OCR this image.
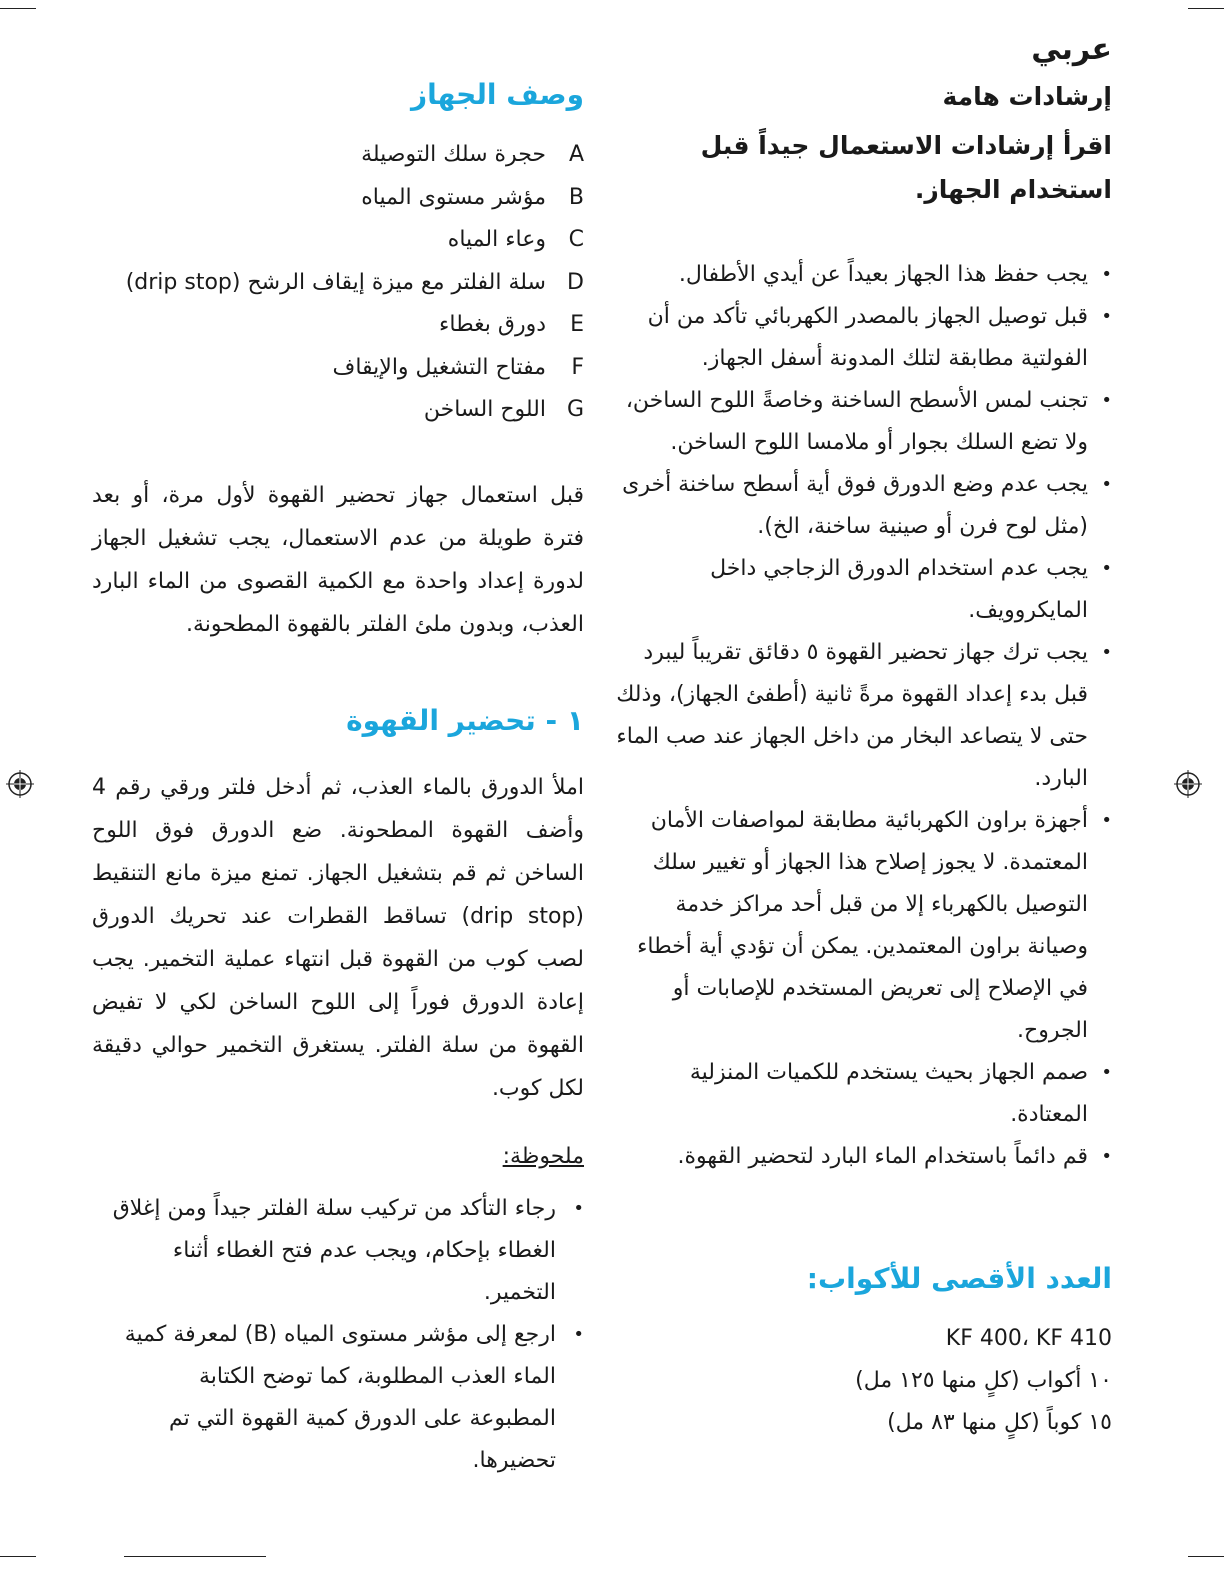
عربي
إرشادات هامة

اقرأ إرشادات الاستعمال جيداً قبل استخدام الجهاز.

•
يجب حفظ هذا الجهاز بعيداً عن أيدي الأطفال.
•
قبل توصيل الجهاز بالمصدر الكهربائي تأكد من أن الفولتية مطابقة لتلك المدونة أسفل الجهاز.
•
تجنب لمس الأسطح الساخنة وخاصةً اللوح الساخن، ولا تضع السلك بجوار أو ملامسا اللوح الساخن.
•
يجب عدم وضع الدورق فوق أية أسطح ساخنة أخرى (مثل لوح فرن أو صينية ساخنة، الخ).
•
يجب عدم استخدام الدورق الزجاجي داخل المايكروويف.
•
يجب ترك جهاز تحضير القهوة ٥ دقائق تقريباً ليبرد قبل بدء إعداد القهوة مرةً ثانية (أطفئ الجهاز)، وذلك حتى لا يتصاعد البخار من داخل الجهاز عند صب الماء البارد.
•
أجهزة براون الكهربائية مطابقة لمواصفات الأمان المعتمدة. لا يجوز إصلاح هذا الجهاز أو تغيير سلك التوصيل بالكهرباء إلا من قبل أحد مراكز خدمة وصيانة براون المعتمدين. يمكن أن تؤدي أية أخطاء في الإصلاح إلى تعريض المستخدم للإصابات أو الجروح.
•
صمم الجهاز بحيث يستخدم للكميات المنزلية المعتادة.
•
قم دائماً باستخدام الماء البارد لتحضير القهوة.
العدد الأقصى للأكواب:
KF 400، KF 410
١٠ أكواب (كلٍ منها ١٢٥ مل)
١٥ كوباً (كلٍ منها ٨٣ مل)
وصف الجهاز
A
حجرة سلك التوصيلة
B
مؤشر مستوى المياه
C
وعاء المياه
D
سلة الفلتر مع ميزة إيقاف الرشح (drip stop)
E
دورق بغطاء
F
مفتاح التشغيل والإيقاف
G
اللوح الساخن

قبل استعمال جهاز تحضير القهوة لأول مرة، أو بعد فترة طويلة من عدم الاستعمال، يجب تشغيل الجهاز لدورة إعداد واحدة مع الكمية القصوى من الماء البارد العذب، وبدون ملئ الفلتر بالقهوة المطحونة.

١ - تحضير القهوة

املأ الدورق بالماء العذب، ثم أدخل فلتر ورقي رقم 4 وأضف القهوة المطحونة. ضع الدورق فوق اللوح الساخن ثم قم بتشغيل الجهاز. تمنع ميزة مانع التنقيط (drip stop) تساقط القطرات عند تحريك الدورق لصب كوب من القهوة قبل انتهاء عملية التخمير. يجب إعادة الدورق فوراً إلى اللوح الساخن لكي لا تفيض القهوة من سلة الفلتر. يستغرق التخمير حوالي دقيقة لكل كوب.

ملحوظة:

•
رجاء التأكد من تركيب سلة الفلتر جيداً ومن إغلاق الغطاء بإحكام، ويجب عدم فتح الغطاء أثناء التخمير.
•
ارجع إلى مؤشر مستوى المياه (B) لمعرفة كمية الماء العذب المطلوبة، كما توضح الكتابة المطبوعة على الدورق كمية القهوة التي تم تحضيرها.
